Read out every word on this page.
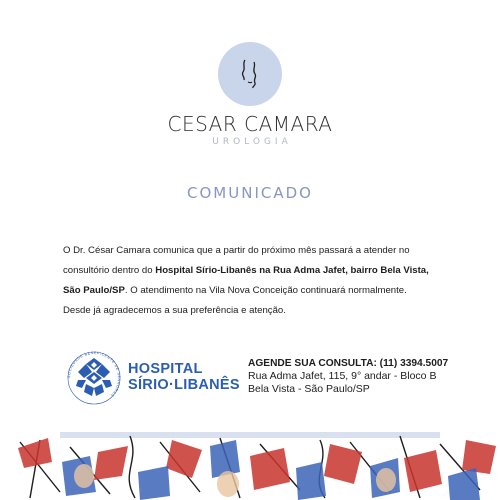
CESAR CAMARA
UROLOGIA
COMUNICADO

O Dr. César Camara comunica que a partir do próximo mês passará a atender no consultório dentro do Hospital Sírio-Libanês na Rua Adma Jafet, bairro Bela Vista, São Paulo/SP. O atendimento na Vila Nova Conceição continuará normalmente. Desde já agradecemos a sua preferência e atenção.

SOCIEDADE BENEFICENTE DE SENHORAS
HOSPITAL
SÍRIO·LIBANÊS
AGENDE SUA CONSULTA: (11) 3394.5007
Rua Adma Jafet, 115, 9° andar - Bloco B
Bela Vista - São Paulo/SP
